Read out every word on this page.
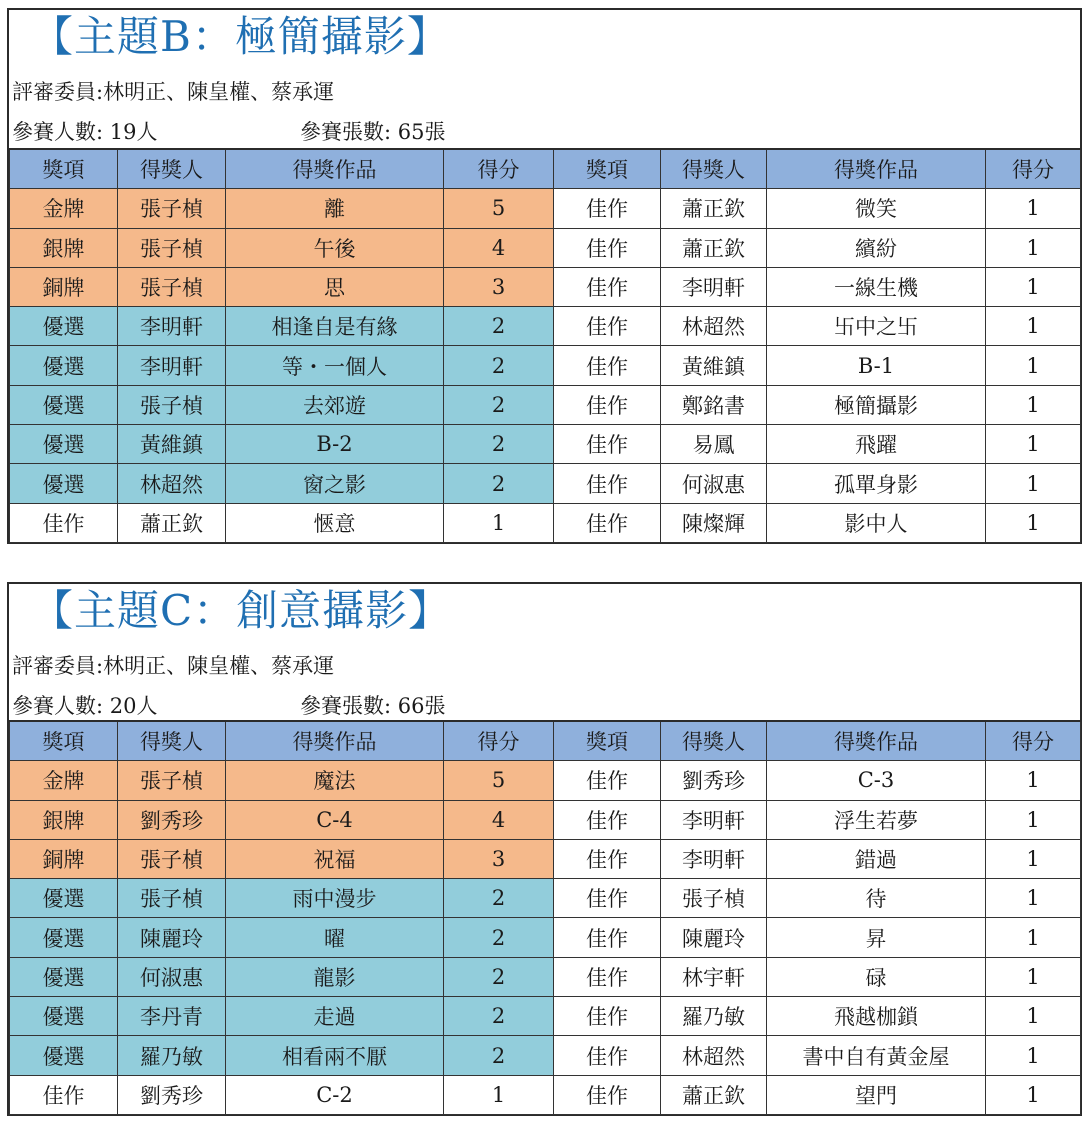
【主題B：極簡攝影】
評審委員:林明正、陳皇權、蔡承運
參賽人數: 19人	參賽張數: 65張
獎項	得獎人	得獎作品	得分	獎項	得獎人	得獎作品	得分
金牌	張子楨	離	5	佳作	蕭正欽	微笑	1
銀牌	張子楨	午後	4	佳作	蕭正欽	繽紛	1
銅牌	張子楨	思	3	佳作	李明軒	一線生機	1
優選	李明軒	相逢自是有緣	2	佳作	林超然	卐中之卐	1
優選	李明軒	等・一個人	2	佳作	黃維鎮	B-1	1
優選	張子楨	去郊遊	2	佳作	鄭銘書	極簡攝影	1
優選	黃維鎮	B-2	2	佳作	易鳳	飛躍	1
優選	林超然	窗之影	2	佳作	何淑惠	孤單身影	1
佳作	蕭正欽	愜意	1	佳作	陳燦輝	影中人	1
【主題C：創意攝影】
評審委員:林明正、陳皇權、蔡承運
參賽人數: 20人	參賽張數: 66張
獎項	得獎人	得獎作品	得分	獎項	得獎人	得獎作品	得分
金牌	張子楨	魔法	5	佳作	劉秀珍	C-3	1
銀牌	劉秀珍	C-4	4	佳作	李明軒	浮生若夢	1
銅牌	張子楨	祝福	3	佳作	李明軒	錯過	1
優選	張子楨	雨中漫步	2	佳作	張子楨	待	1
優選	陳麗玲	曜	2	佳作	陳麗玲	昇	1
優選	何淑惠	龍影	2	佳作	林宇軒	碌	1
優選	李丹青	走過	2	佳作	羅乃敏	飛越枷鎖	1
優選	羅乃敏	相看兩不厭	2	佳作	林超然	書中自有黃金屋	1
佳作	劉秀珍	C-2	1	佳作	蕭正欽	望門	1
